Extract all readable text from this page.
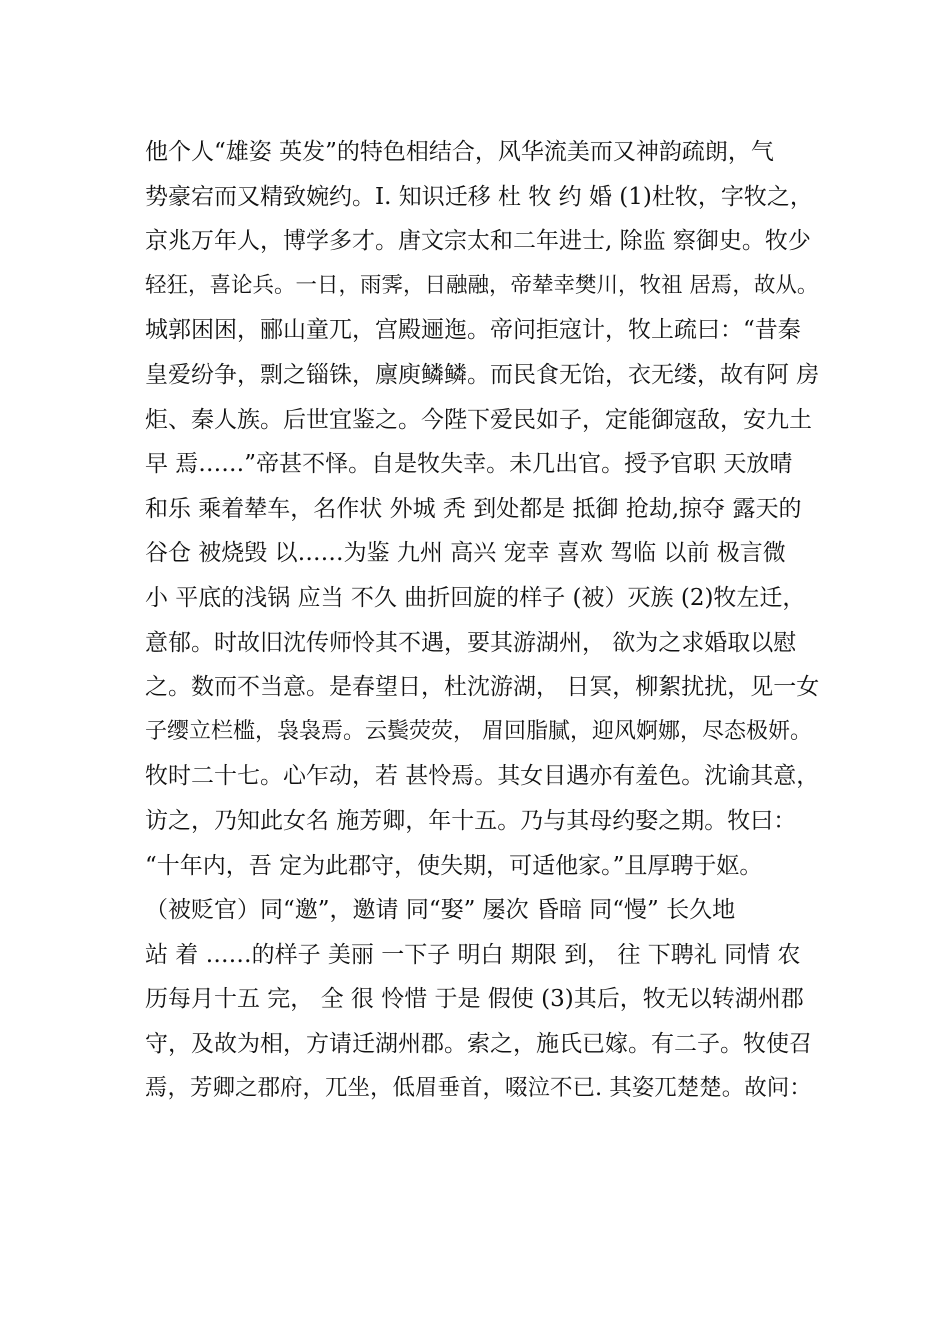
他个人“雄姿 英发”的特色相结合，风华流美而又神韵疏朗，气
势豪宕而又精致婉约。I. 知识迁移 杜 牧 约 婚 (1)杜牧，字牧之，
京兆万年人，博学多才。唐文宗太和二年进士, 除监 察御史。牧少
轻狂，喜论兵。一日，雨霁，日融融，帝辇幸樊川，牧祖 居焉，故从。
城郭困困，郦山童兀，宫殿逦迤。帝问拒寇计，牧上疏曰：“昔秦
皇爱纷争，剽之锱铢，廪庾鳞鳞。而民食无饴，衣无缕，故有阿 房
炬、秦人族。后世宜鉴之。今陛下爱民如子，定能御寇敌，安九土
早 焉……”帝甚不怿。自是牧失幸。未几出官。授予官职 天放晴
和乐 乘着辇车，名作状 外城 秃 到处都是 抵御 抢劫,掠夺 露天的
谷仓 被烧毁 以……为鉴 九州 高兴 宠幸 喜欢 驾临 以前 极言微
小 平底的浅锅 应当 不久 曲折回旋的样子 (被）灭族 (2)牧左迁，
意郁。时故旧沈传师怜其不遇，要其游湖州， 欲为之求婚取以慰
之。数而不当意。是春望日，杜沈游湖， 日冥，柳絮扰扰，见一女
子缨立栏槛，袅袅焉。云鬓荧荧， 眉回脂腻，迎风婀娜，尽态极妍。
牧时二十七。心乍动，若 甚怜焉。其女目遇亦有羞色。沈谕其意，
访之，乃知此女名 施芳卿，年十五。乃与其母约娶之期。牧曰：
“十年内，吾 定为此郡守，使失期，可适他家。”且厚聘于妪。
（被贬官）同“邀”，邀请 同“娶” 屡次 昏暗 同“慢” 长久地
站 着 ……的样子 美丽 一下子 明白 期限 到， 往 下聘礼 同情 农
历每月十五 完， 全 很 怜惜 于是 假使 (3)其后，牧无以转湖州郡
守，及故为相，方请迁湖州郡。索之，施氏已嫁。有二子。牧使召
焉，芳卿之郡府，兀坐，低眉垂首，啜泣不已. 其姿兀楚楚。故问：
